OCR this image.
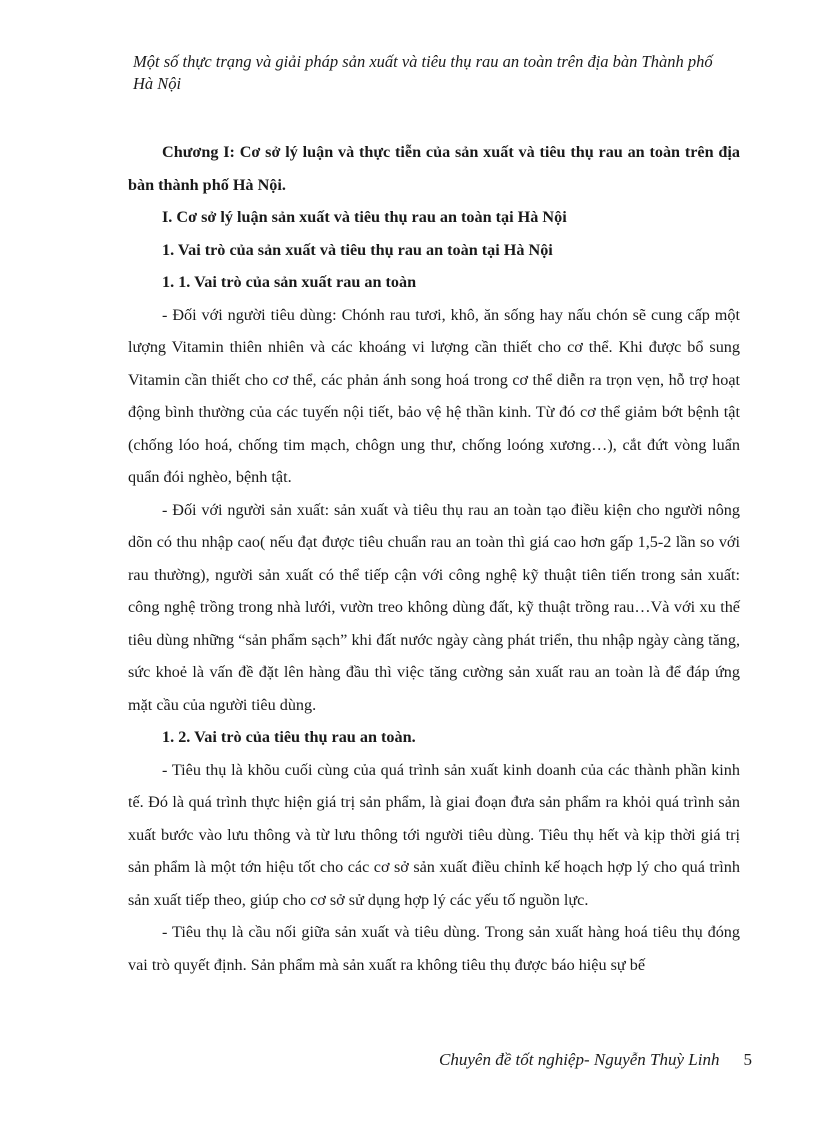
Một số thực trạng và giải pháp sản xuất và tiêu thụ rau an toàn trên địa bàn Thành phố Hà Nội

Chương I: Cơ sở lý luận và thực tiễn của sản xuất và tiêu thụ rau an toàn trên địa bàn thành phố Hà Nội.

I. Cơ sở lý luận sản xuất và tiêu thụ rau an toàn tại Hà Nội

1. Vai trò của sản xuất và tiêu thụ rau an toàn tại Hà Nội

1. 1. Vai trò của sản xuất rau an toàn

- Đối với người tiêu dùng: Chónh rau tươi, khô, ăn sống hay nấu chón sẽ cung cấp một lượng Vitamin thiên nhiên và các khoáng vi lượng cần thiết cho cơ thể. Khi được bổ sung Vitamin cần thiết cho cơ thể, các phản ánh song hoá trong cơ thể diễn ra trọn vẹn, hỗ trợ hoạt động bình thường của các tuyến nội tiết, bảo vệ hệ thần kinh. Từ đó cơ thể giảm bớt bệnh tật (chống lóo hoá, chống tim mạch, chôgn ung thư, chống loóng xương…), cắt đứt vòng luẩn quẩn đói nghèo, bệnh tật.

- Đối với người sản xuất: sản xuất và tiêu thụ rau an toàn tạo điều kiện cho người nông dõn có thu nhập cao( nếu đạt được tiêu chuẩn rau an toàn thì giá cao hơn gấp 1,5-2 lần so với rau thường), người sản xuất có thể tiếp cận với công nghệ kỹ thuật tiên tiến trong sản xuất: công nghệ trồng trong nhà lưới, vườn treo không dùng đất, kỹ thuật trồng rau…Và với xu thế tiêu dùng những “sản phẩm sạch” khi đất nước ngày càng phát triển, thu nhập ngày càng tăng, sức khoẻ là vấn đề đặt lên hàng đầu thì việc tăng cường sản xuất rau an toàn là để đáp ứng mặt cầu của người tiêu dùng.

1. 2. Vai trò của tiêu thụ rau an toàn.

- Tiêu thụ là khõu cuối cùng của quá trình sản xuất kinh doanh của các thành phần kinh tế. Đó là quá trình thực hiện giá trị sản phẩm, là giai đoạn đưa sản phẩm ra khỏi quá trình sản xuất bước vào lưu thông và từ lưu thông tới người tiêu dùng. Tiêu thụ hết và kịp thời giá trị sản phẩm là một tớn hiệu tốt cho các cơ sở sản xuất điều chỉnh kế hoạch hợp lý cho quá trình sản xuất tiếp theo, giúp cho cơ sở sử dụng hợp lý các yếu tố nguồn lực.

- Tiêu thụ là cầu nối giữa sản xuất và tiêu dùng. Trong sản xuất hàng hoá tiêu thụ đóng vai trò quyết định. Sản phẩm mà sản xuất ra không tiêu thụ được báo hiệu sự bế

Chuyên đề tốt nghiệp- Nguyễn Thuỳ Linh 5
